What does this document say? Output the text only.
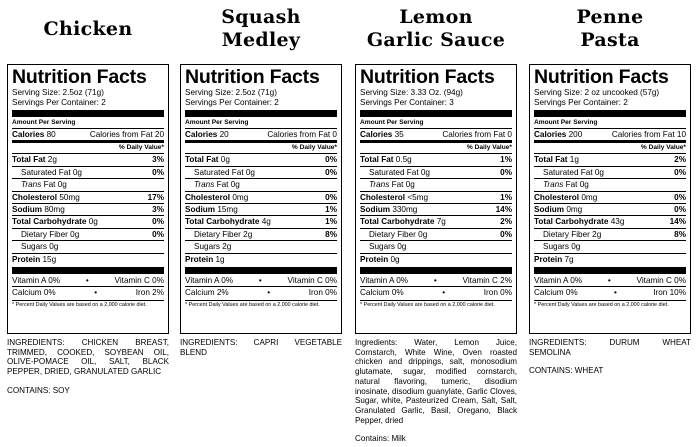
Chicken

Nutrition Facts
Serving Size: 2.5oz (71g)
Servings Per Container: 2
Amount Per Serving
Calories 80	Calories from Fat 20
% Daily Value*
Total Fat 2g	3%
Saturated Fat 0g	0%
Trans Fat 0g
Cholesterol 50mg	17%
Sodium 80mg	3%
Total Carbohydrate 0g	0%
Dietary Fiber 0g	0%
Sugars 0g
Protein 15g
Vitamin A 0%	•	Vitamin C 0%
Calcium 0%	•	Iron 2%
* Percent Daily Values are based on a 2,000 calorie diet.
Squash
Medley
Nutrition Facts
Serving Size: 2.5oz (71g)
Servings Per Container: 2
Amount Per Serving
Calories 20	Calories from Fat 0
% Daily Value*
Total Fat 0g	0%
Saturated Fat 0g	0%
Trans Fat 0g
Cholesterol 0mg	0%
Sodium 15mg	1%
Total Carbohydrate 4g	1%
Dietary Fiber 2g	8%
Sugars 2g
Protein 1g
Vitamin A 0%	•	Vitamin C 0%
Calcium 2%	•	Iron 0%
* Percent Daily Values are based on a 2,000 calorie diet.
Lemon
Garlic Sauce
Nutrition Facts
Serving Size: 3.33 Oz. (94g)
Servings Per Container: 3
Amount Per Serving
Calories 35	Calories from Fat 0
% Daily Value*
Total Fat 0.5g	1%
Saturated Fat 0g	0%
Trans Fat 0g
Cholesterol <5mg	1%
Sodium 330mg	14%
Total Carbohydrate 7g	2%
Dietary Fiber 0g	0%
Sugars 0g
Protein 0g
Vitamin A 0%	•	Vitamin C 2%
Calcium 0%	•	Iron 0%
* Percent Daily Values are based on a 2,000 calorie diet.
Penne
Pasta
Nutrition Facts
Serving Size: 2 oz uncooked (57g)
Servings Per Container: 2
Amount Per Serving
Calories 200	Calories from Fat 10
% Daily Value*
Total Fat 1g	2%
Saturated Fat 0g	0%
Trans Fat 0g
Cholesterol 0mg	0%
Sodium 0mg	0%
Total Carbohydrate 43g	14%
Dietary Fiber 2g	8%
Sugars 0g
Protein 7g
Vitamin A 0%	•	Vitamin C 0%
Calcium 0%	•	Iron 10%
* Percent Daily Values are based on a 2,000 calorie diet.
INGREDIENTS: CHICKEN BREAST, TRIMMED, COOKED, SOYBEAN OIL, OLIVE-POMACE OIL, SALT, BLACK PEPPER, DRIED, GRANULATED GARLIC
CONTAINS: SOY
INGREDIENTS: CAPRI VEGETABLE BLEND
Ingredients: Water, Lemon Juice, Cornstarch, White Wine, Oven roasted chicken and drippings, salt, monosodium glutamate, sugar, modified cornstarch, natural flavoring, tumeric, disodium inosinate, disodium guanylate, Garlic Cloves, Sugar, white, Pasteurized Cream, Salt, Salt, Granulated Garlic, Basil, Oregano, Black Pepper, dried
Contains: Milk
INGREDIENTS: DURUM WHEAT SEMOLINA
CONTAINS: WHEAT
